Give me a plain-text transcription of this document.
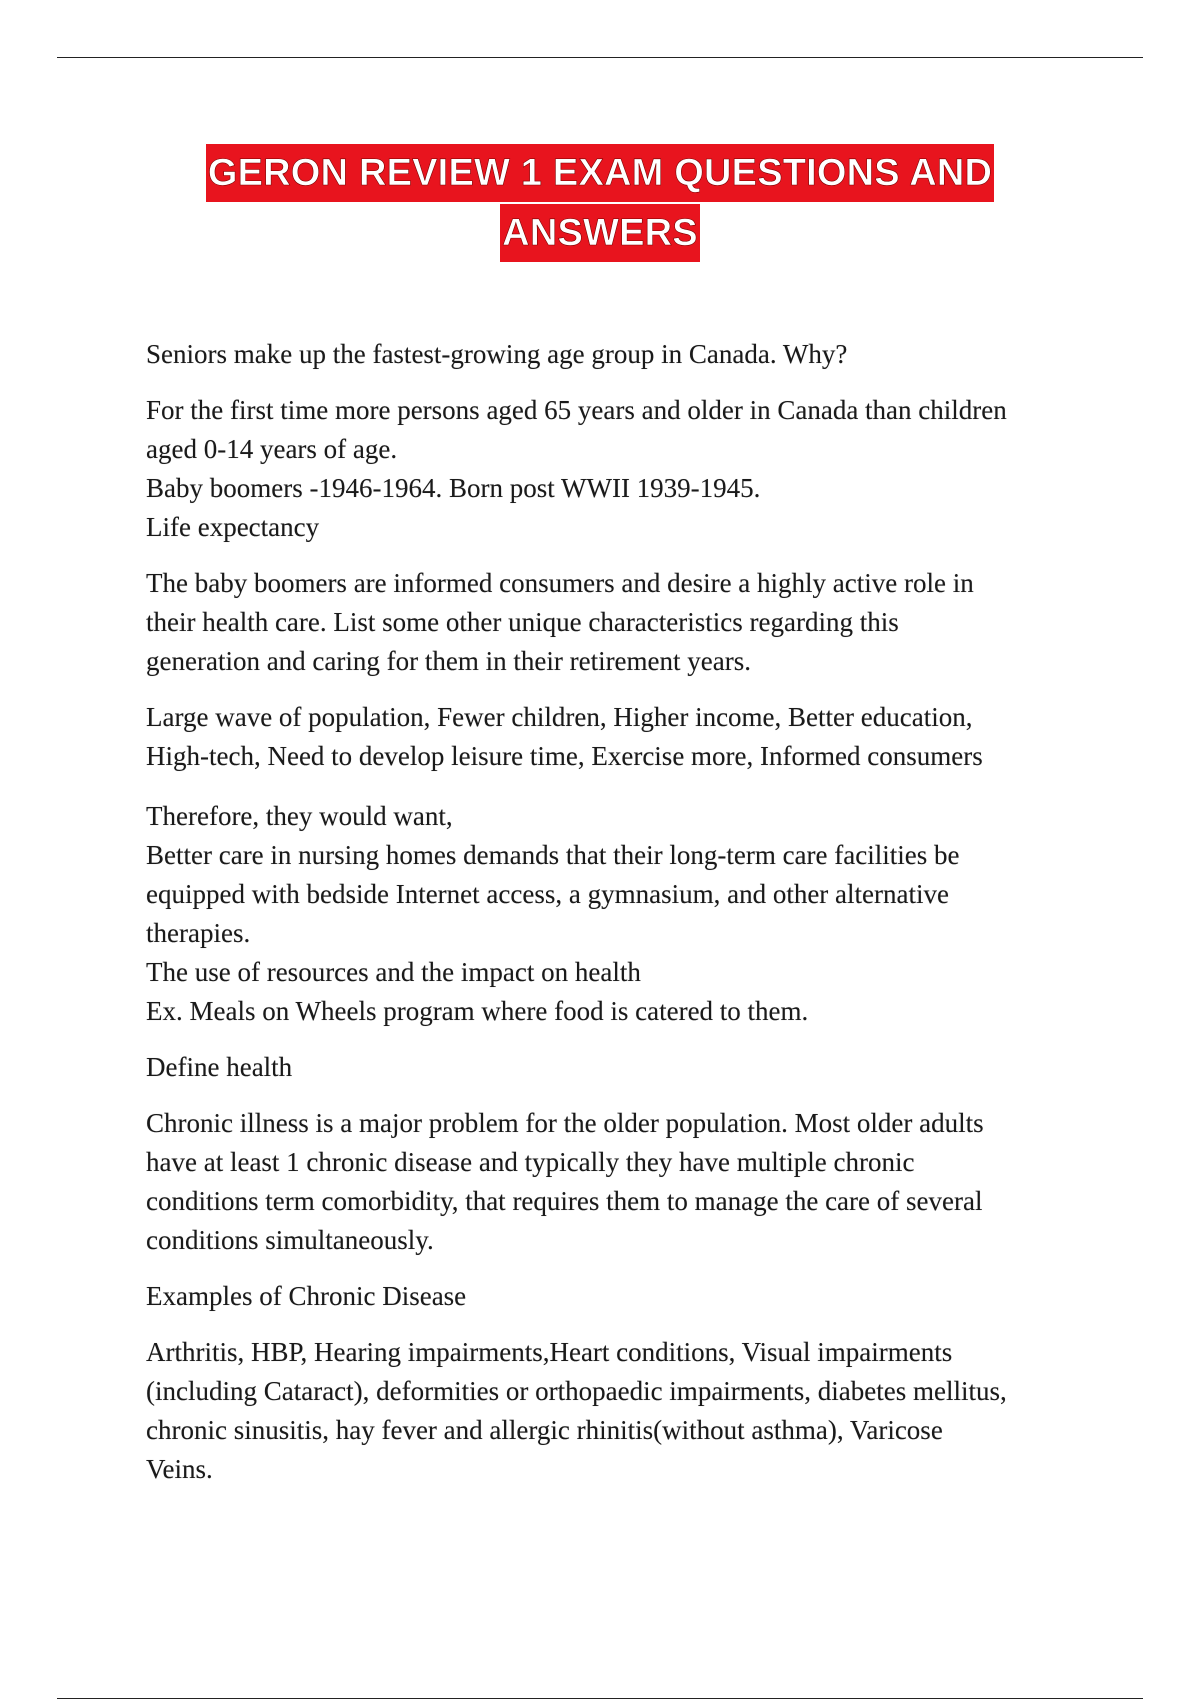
GERON REVIEW 1 EXAM QUESTIONS AND
ANSWERS

Seniors make up the fastest-growing age group in Canada. Why?

For the first time more persons aged 65 years and older in Canada than children

aged 0-14 years of age.

Baby boomers -1946-1964. Born post WWII 1939-1945.

Life expectancy

The baby boomers are informed consumers and desire a highly active role in

their health care. List some other unique characteristics regarding this

generation and caring for them in their retirement years.

Large wave of population, Fewer children, Higher income, Better education,

High-tech, Need to develop leisure time, Exercise more, Informed consumers

Therefore, they would want,

Better care in nursing homes demands that their long-term care facilities be

equipped with bedside Internet access, a gymnasium, and other alternative

therapies.

The use of resources and the impact on health

Ex. Meals on Wheels program where food is catered to them.

Define health

Chronic illness is a major problem for the older population. Most older adults

have at least 1 chronic disease and typically they have multiple chronic

conditions term comorbidity, that requires them to manage the care of several

conditions simultaneously.

Examples of Chronic Disease

Arthritis, HBP, Hearing impairments,Heart conditions, Visual impairments

(including Cataract), deformities or orthopaedic impairments, diabetes mellitus,

chronic sinusitis, hay fever and allergic rhinitis(without asthma), Varicose

Veins.
